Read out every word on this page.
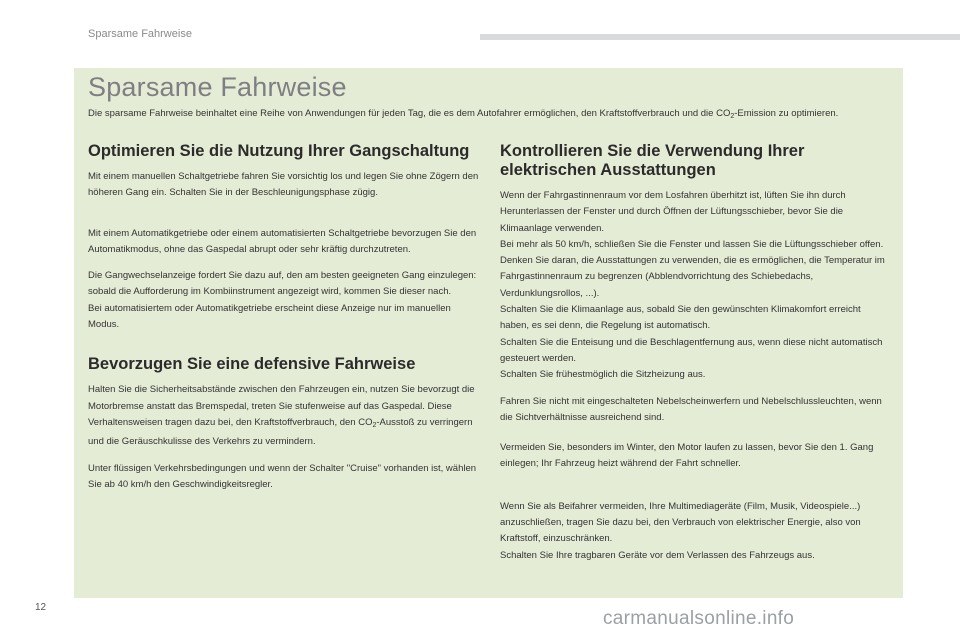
Sparsame Fahrweise
Sparsame Fahrweise
Die sparsame Fahrweise beinhaltet eine Reihe von Anwendungen für jeden Tag, die es dem Autofahrer ermöglichen, den Kraftstoffverbrauch und die $CO_2$-Emission zu optimieren.
Optimieren Sie die Nutzung Ihrer Gangschaltung

Mit einem manuellen Schaltgetriebe fahren Sie vorsichtig los und legen Sie ohne Zögern den höheren Gang ein. Schalten Sie in der Beschleunigungsphase zügig.

Mit einem Automatikgetriebe oder einem automatisierten Schaltgetriebe bevorzugen Sie den Automatikmodus, ohne das Gaspedal abrupt oder sehr kräftig durchzutreten.

Die Gangwechselanzeige fordert Sie dazu auf, den am besten geeigneten Gang einzulegen: sobald die Aufforderung im Kombiinstrument angezeigt wird, kommen Sie dieser nach.

Bei automatisiertem oder Automatikgetriebe erscheint diese Anzeige nur im manuellen Modus.

Bevorzugen Sie eine defensive Fahrweise

Halten Sie die Sicherheitsabstände zwischen den Fahrzeugen ein, nutzen Sie bevorzugt die Motorbremse anstatt das Bremspedal, treten Sie stufenweise auf das Gaspedal. Diese Verhaltensweisen tragen dazu bei, den Kraftstoffverbrauch, den $CO_2$-Ausstoß zu verringern und die Geräuschkulisse des Verkehrs zu vermindern.

Unter flüssigen Verkehrsbedingungen und wenn der Schalter "Cruise" vorhanden ist, wählen Sie ab 40 km/h den Geschwindigkeitsregler.

Kontrollieren Sie die Verwendung Ihrer elektrischen Ausstattungen

Wenn der Fahrgastinnenraum vor dem Losfahren überhitzt ist, lüften Sie ihn durch Herunterlassen der Fenster und durch Öffnen der Lüftungsschieber, bevor Sie die Klimaanlage verwenden.

Bei mehr als 50 km/h, schließen Sie die Fenster und lassen Sie die Lüftungsschieber offen.

Denken Sie daran, die Ausstattungen zu verwenden, die es ermöglichen, die Temperatur im Fahrgastinnenraum zu begrenzen (Abblendvorrichtung des Schiebedachs, Verdunklungsrollos, ...).

Schalten Sie die Klimaanlage aus, sobald Sie den gewünschten Klimakomfort erreicht haben, es sei denn, die Regelung ist automatisch.

Schalten Sie die Enteisung und die Beschlagentfernung aus, wenn diese nicht automatisch gesteuert werden.

Schalten Sie frühestmöglich die Sitzheizung aus.

Fahren Sie nicht mit eingeschalteten Nebelscheinwerfern und Nebelschlussleuchten, wenn die Sichtverhältnisse ausreichend sind.

Vermeiden Sie, besonders im Winter, den Motor laufen zu lassen, bevor Sie den 1. Gang einlegen; Ihr Fahrzeug heizt während der Fahrt schneller.

Wenn Sie als Beifahrer vermeiden, Ihre Multimediageräte (Film, Musik, Videospiele...) anzuschließen, tragen Sie dazu bei, den Verbrauch von elektrischer Energie, also von Kraftstoff, einzuschränken.

Schalten Sie Ihre tragbaren Geräte vor dem Verlassen des Fahrzeugs aus.

12
carmanualsonline.info
